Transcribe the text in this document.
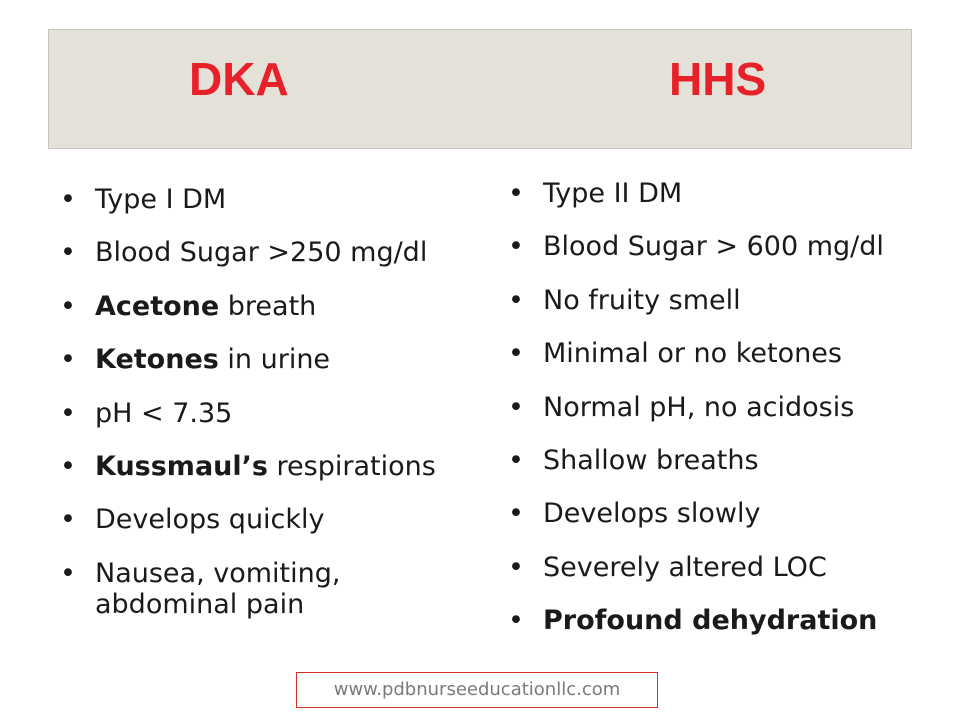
DKA	HHS
• Type I DM
• Blood Sugar >250 mg/dl
• Acetone breath
• Ketones in urine
• pH < 7.35
• Kussmaul’s respirations
• Develops quickly
• Nausea, vomiting, abdominal pain
• Type II DM
• Blood Sugar > 600 mg/dl
• No fruity smell
• Minimal or no ketones
• Normal pH, no acidosis
• Shallow breaths
• Develops slowly
• Severely altered LOC
• Profound dehydration
www.pdbnurseeducationllc.com
